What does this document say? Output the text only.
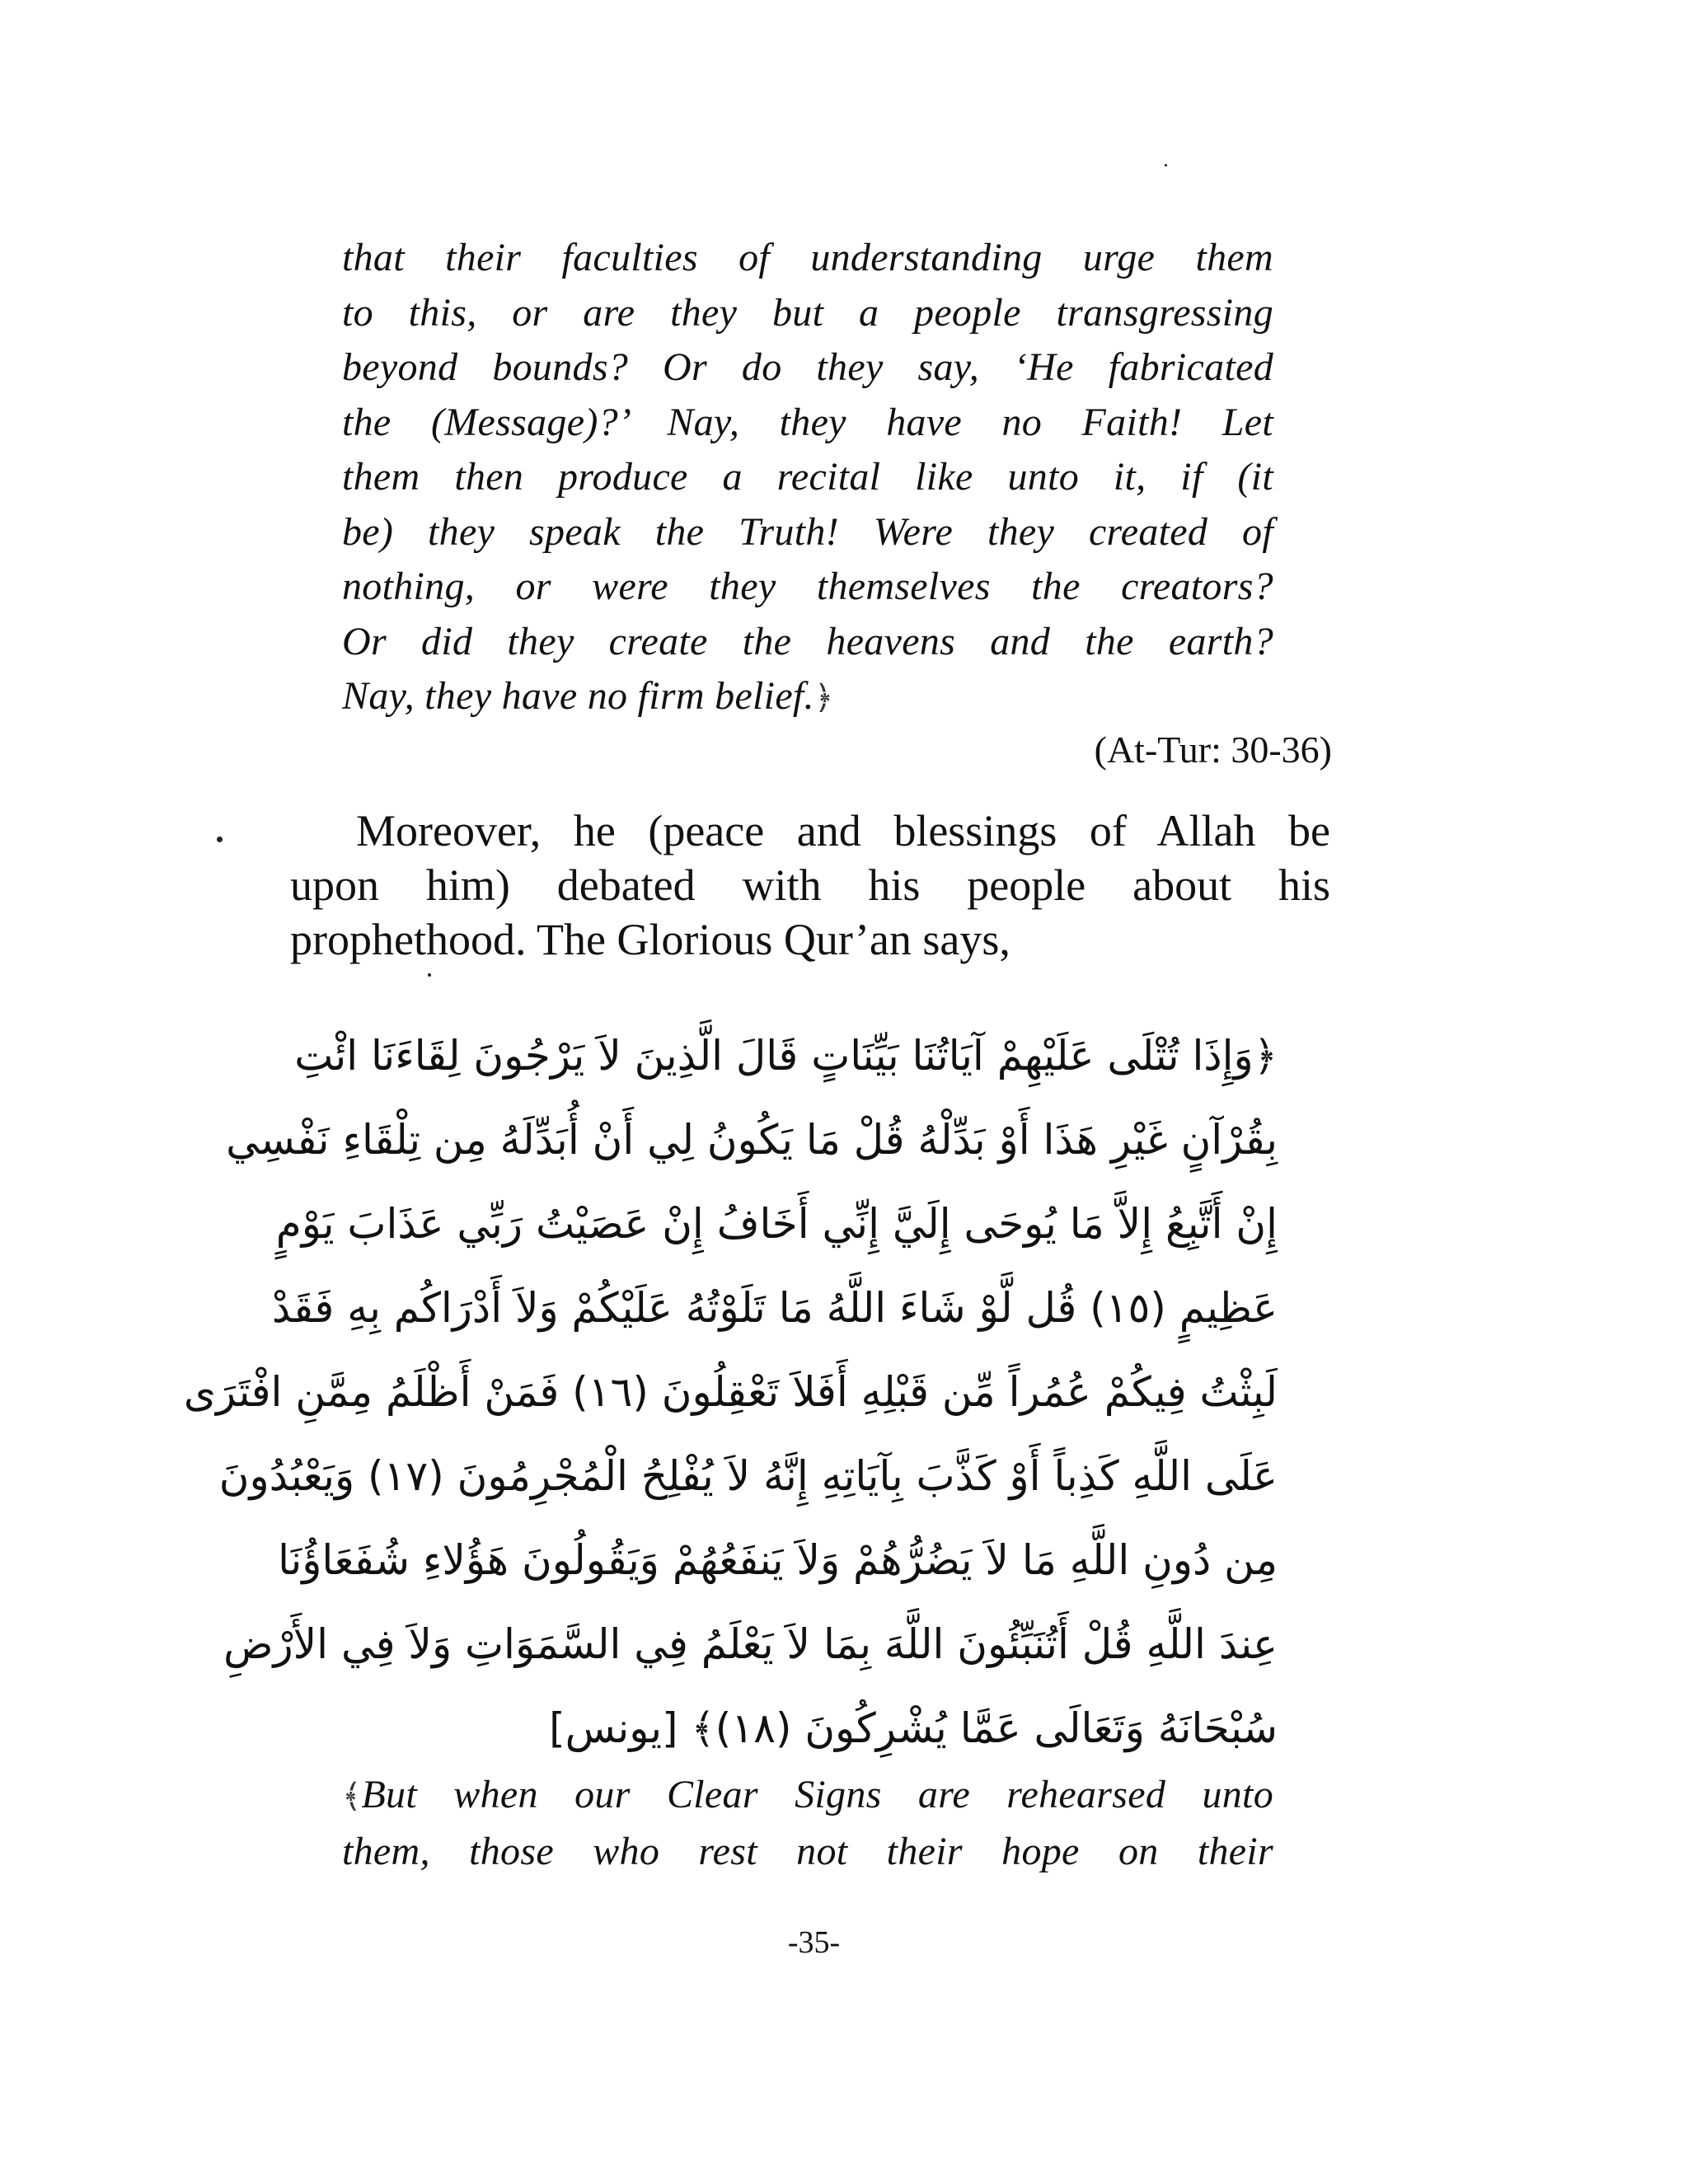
that their faculties of understanding urge them
to this, or are they but a people transgressing
beyond bounds? Or do they say, ‘He fabricated
the (Message)?’ Nay, they have no Faith! Let
them then produce a recital like unto it, if (it
be) they speak the Truth! Were they created of
nothing, or were they themselves the creators?
Or did they create the heavens and the earth?
Nay, they have no firm belief.﴿
(At-Tur: 30-36)
Moreover, he (peace and blessings of Allah be
upon him) debated with his people about his
prophethood. The Glorious Qur’an says,
﴿وَإِذَا تُتْلَى عَلَيْهِمْ آيَاتُنَا بَيِّنَاتٍ قَالَ الَّذِينَ لاَ يَرْجُونَ لِقَاءَنَا ائْتِ
بِقُرْآنٍ غَيْرِ هَذَا أَوْ بَدِّلْهُ قُلْ مَا يَكُونُ لِي أَنْ أُبَدِّلَهُ مِن تِلْقَاءِ نَفْسِي
إِنْ أَتَّبِعُ إِلاَّ مَا يُوحَى إِلَيَّ إِنِّي أَخَافُ إِنْ عَصَيْتُ رَبِّي عَذَابَ يَوْمٍ
عَظِيمٍ (١٥) قُل لَّوْ شَاءَ اللَّهُ مَا تَلَوْتُهُ عَلَيْكُمْ وَلاَ أَدْرَاكُم بِهِ فَقَدْ
لَبِثْتُ فِيكُمْ عُمُراً مِّن قَبْلِهِ أَفَلاَ تَعْقِلُونَ (١٦) فَمَنْ أَظْلَمُ مِمَّنِ افْتَرَى
عَلَى اللَّهِ كَذِباً أَوْ كَذَّبَ بِآيَاتِهِ إِنَّهُ لاَ يُفْلِحُ الْمُجْرِمُونَ (١٧) وَيَعْبُدُونَ
مِن دُونِ اللَّهِ مَا لاَ يَضُرُّهُمْ وَلاَ يَنفَعُهُمْ وَيَقُولُونَ هَؤُلاءِ شُفَعَاؤُنَا
عِندَ اللَّهِ قُلْ أَتُنَبِّئُونَ اللَّهَ بِمَا لاَ يَعْلَمُ فِي السَّمَوَاتِ وَلاَ فِي الأَرْضِ
سُبْحَانَهُ وَتَعَالَى عَمَّا يُشْرِكُونَ (١٨)﴾ [يونس]
﴾But when our Clear Signs are rehearsed unto
them, those who rest not their hope on their
-35-
